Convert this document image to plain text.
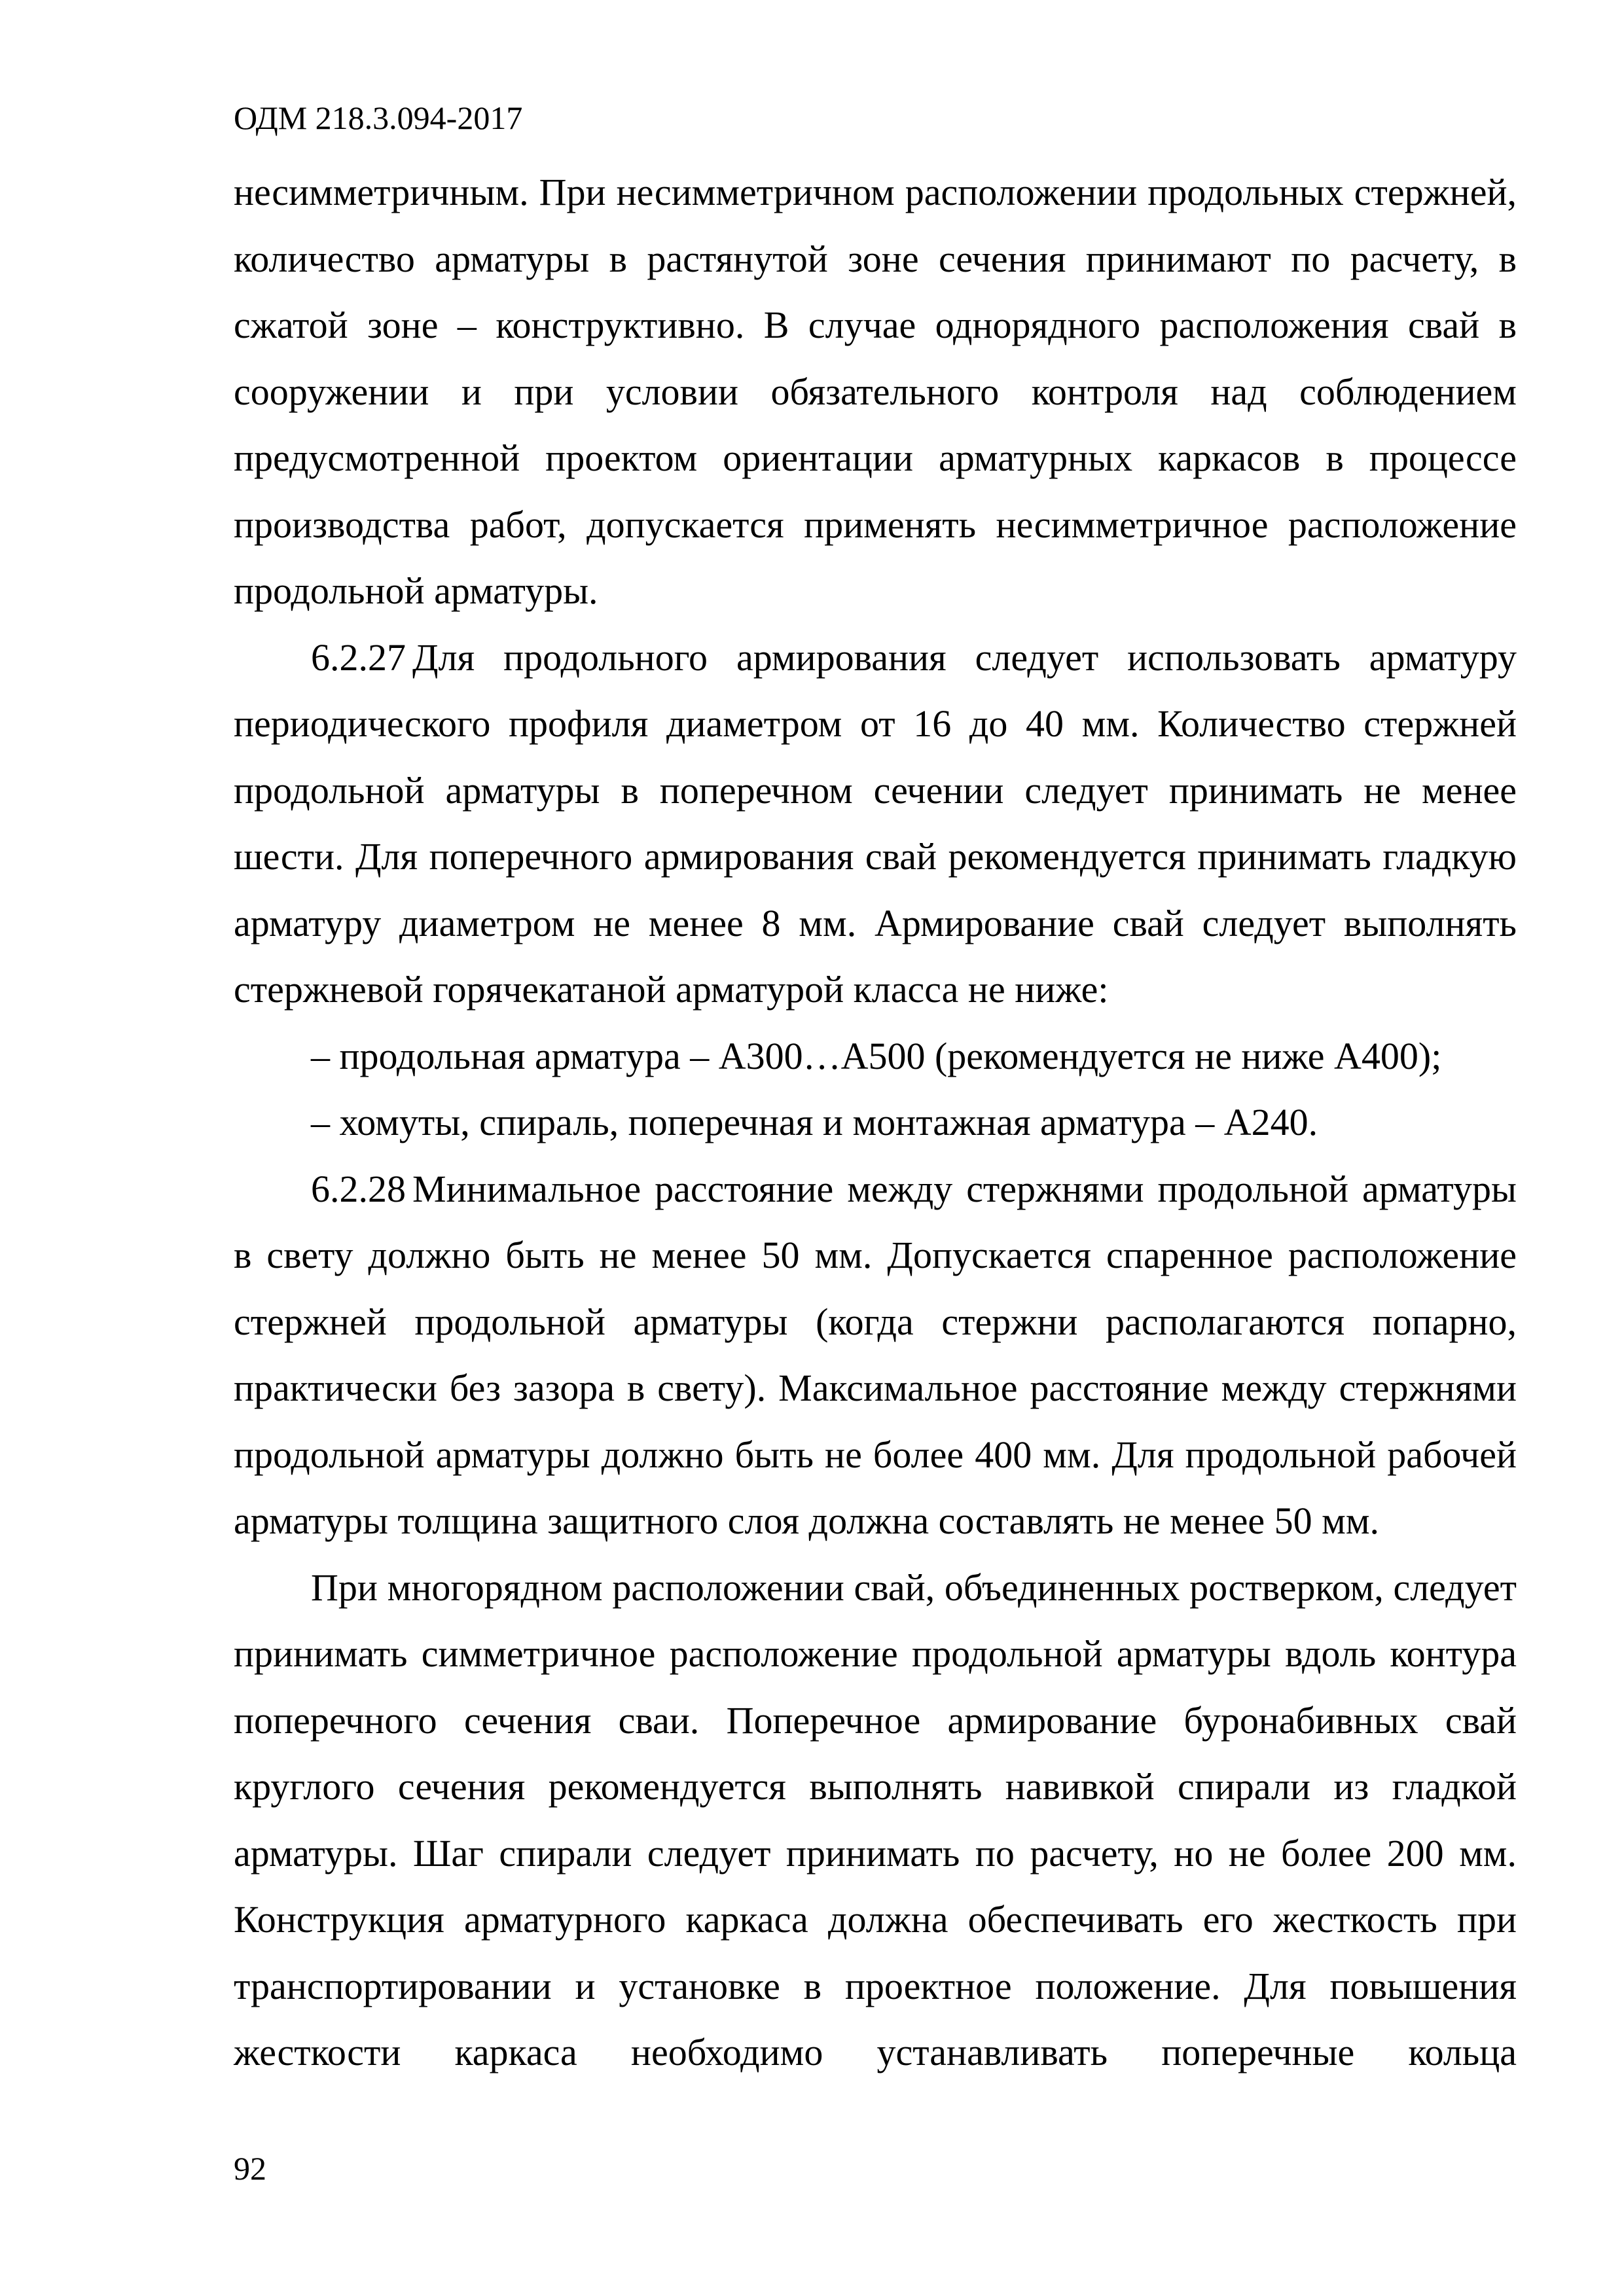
ОДМ 218.3.094-2017

несимметричным. При несимметричном расположении продольных стержней, количество арматуры в растянутой зоне сечения принимают по расчету, в сжатой зоне – конструктивно. В случае однорядного расположения свай в сооружении и при условии обязательного контроля над соблюдением предусмотренной проектом ориентации арматурных каркасов в процессе производства работ, допускается применять несимметричное расположение продольной арматуры.

6.2.27 Для продольного армирования следует использовать арматуру периодического профиля диаметром от 16 до 40 мм. Количество стержней продольной арматуры в поперечном сечении следует принимать не менее шести. Для поперечного армирования свай рекомендуется принимать гладкую арматуру диаметром не менее 8 мм. Армирование свай следует выполнять стержневой горячекатаной арматурой класса не ниже:

– продольная арматура – А300…А500 (рекомендуется не ниже А400);

– хомуты, спираль, поперечная и монтажная арматура – А240.

6.2.28 Минимальное расстояние между стержнями продольной арматуры в свету должно быть не менее 50 мм. Допускается спаренное расположение стержней продольной арматуры (когда стержни располагаются попарно, практически без зазора в свету). Максимальное расстояние между стержнями продольной арматуры должно быть не более 400 мм. Для продольной рабочей арматуры толщина защитного слоя должна составлять не менее 50 мм.

При многорядном расположении свай, объединенных ростверком, следует принимать симметричное расположение продольной арматуры вдоль контура поперечного сечения сваи. Поперечное армирование буронабивных свай круглого сечения рекомендуется выполнять навивкой спирали из гладкой арматуры. Шаг спирали следует принимать по расчету, но не более 200 мм. Конструкция арматурного каркаса должна обеспечивать его жесткость при транспортировании и установке в проектное положение. Для повышения жесткости каркаса необходимо устанавливать поперечные кольца

92
